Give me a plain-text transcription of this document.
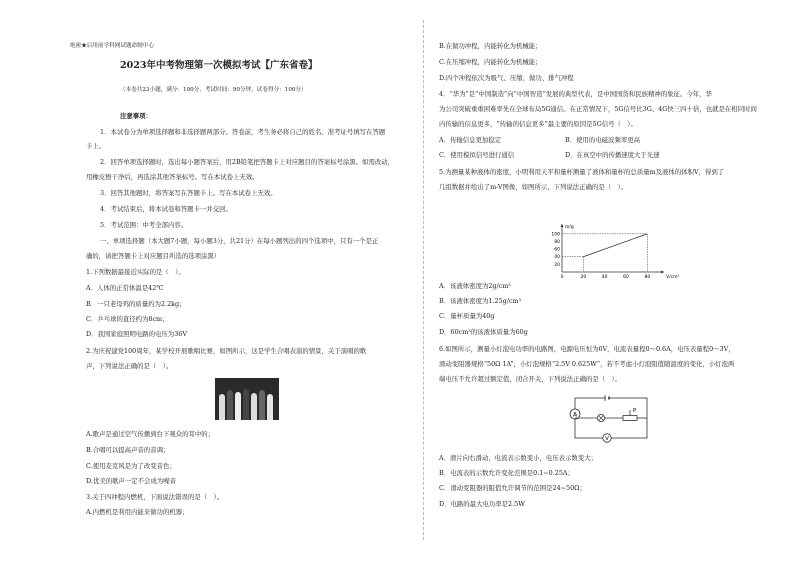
绝密★启用前学科网试题命制中心
2023年中考物理第一次模拟考试【广东省卷】
（本卷共23小题，满分：100分，考试时间：90分钟，试卷得分：100分）
注意事项：
1．本试卷分为单项选择题和非选择题两部分。答卷前，考生务必将自己的姓名、准考证号填写在答题
卡上。
2．回答单项选择题时，选出每小题答案后，用2B铅笔把答题卡上对应题目的答案标号涂黑。如需改动，
用橡皮擦干净后，再选涂其他答案标号。写在本试卷上无效。
3．回答其他题时，将答案写在答题卡上。写在本试卷上无效。
4．考试结束后，将本试卷和答题卡一并交回。
5．考试范围：中考全部内容。
一、单项选择题（本大题7小题，每小题3分，共21分）在每小题列出的四个选项中，只有一个是正
确的，请把答题卡上对应题目所选的选项涂黑）
1.下列数据最接近实际的是（　）。
A．人体的正常体温是42℃
B．一只老母鸡的质量约为2.2kg；
C．乒乓球的直径约为8cm；
D．我国家庭照明电路的电压为36V
2.为庆祝建党100周年，某学校开展歌唱比赛，如图所示，这是学生合唱表演的情景，关于演唱的歌
声，下列说法正确的是（　）。
A.歌声是通过空气传播到台下观众的耳中的；
B.合唱可以提高声音的音调；
C.使用麦克风是为了改变音色；
D.优美的歌声一定不会成为噪音
3.关于四冲程内燃机，下面说法错误的是（　）。
A.内燃机是利用内能来做功的机器；
B.在做功冲程，内能转化为机械能；
C.在压缩冲程，内能转化为机械能；
D.四个冲程依次为吸气、压缩、做功、排气冲程
4．“华为”是“中国制造”向“中国智造”发展的典型代表，是中国国货和民族精神的象征。今年，华
为公司突破重重困难率先在全球布局5G通信。在正常情况下，5G信号比3G、4G快三四十倍，也就是在相同时间
内传输的信息更多，“传输的信息更多”最主要的原因是5G信号（　）。
A．传输信息更加稳定	B．使用的电磁波频率更高
C．使用模拟信号进行通信	D．在真空中的传播速度大于光速
5.为测量某种液体的密度，小明利用天平和量杯测量了液体和量杯的总质量m及液体的体积V，得到了
几组数据并绘出了m-V图像，如图所示，下列说法正确的是（　）。
0	20	40	60	80
20
40
60
80
100
m/g
V/cm³
A．该液体密度为2g/cm³
B．该液体密度为1.25g/cm³
C．量杯质量为40g
D．60cm³的该液体质量为60g
6.如图所示，测量小灯泡电功率的电路图，电源电压恒为6V，电流表量程0～0.6A，电压表量程0～3V，
滑动变阻器规格“50Ω 1A”，小灯泡规格“2.5V 0.625W”，若不考虑小灯泡阻值随温度的变化，小灯泡两
端电压不允许超过额定值，闭合开关，下列说法正确的是（　）。
A
P
V
A．滑片向右滑动，电流表示数变小，电压表示数变大；
B．电流表的示数允许变化范围是0.1~0.25A；
C．滑动变阻器的阻值允许调节的范围是24~50Ω；
D．电路的最大电功率是2.5W
